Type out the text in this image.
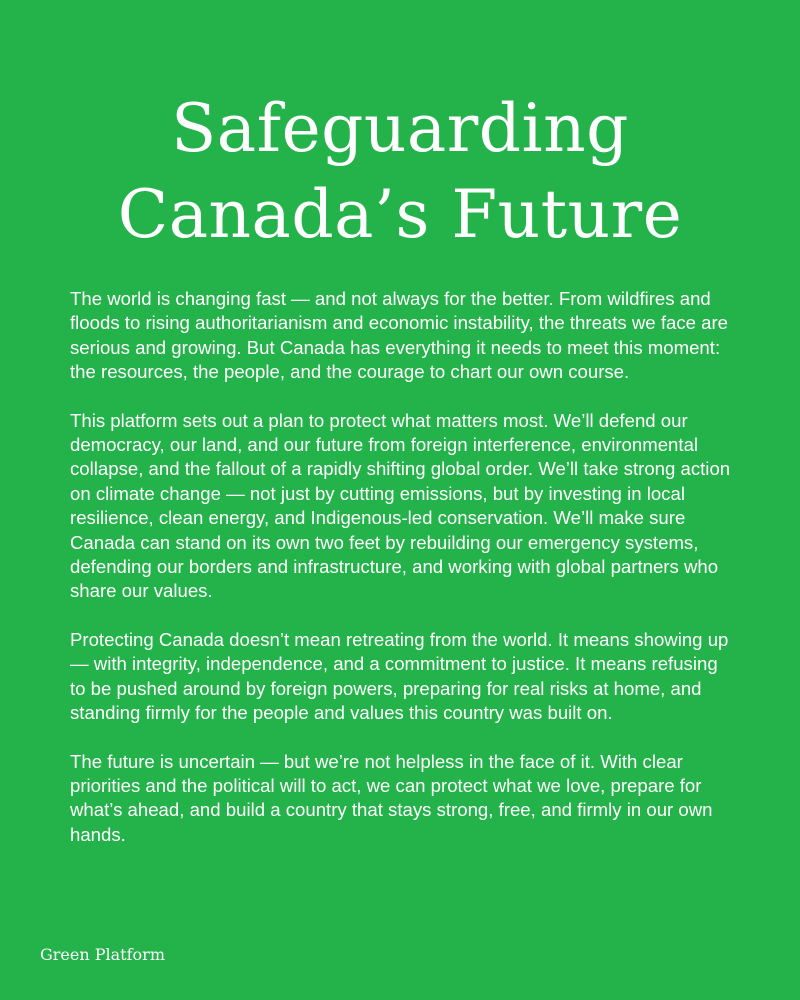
Safeguarding
Canada’s Future

The world is changing fast — and not always for the better. From wildfires and floods to rising authoritarianism and economic instability, the threats we face are serious and growing. But Canada has everything it needs to meet this moment: the resources, the people, and the courage to chart our own course.

This platform sets out a plan to protect what matters most. We’ll defend our democracy, our land, and our future from foreign interference, environmental collapse, and the fallout of a rapidly shifting global order. We’ll take strong action on climate change — not just by cutting emissions, but by investing in local resilience, clean energy, and Indigenous-led conservation. We’ll make sure Canada can stand on its own two feet by rebuilding our emergency systems, defending our borders and infrastructure, and working with global partners who share our values.

Protecting Canada doesn’t mean retreating from the world. It means showing up — with integrity, independence, and a commitment to justice. It means refusing to be pushed around by foreign powers, preparing for real risks at home, and standing firmly for the people and values this country was built on.

The future is uncertain — but we’re not helpless in the face of it. With clear priorities and the political will to act, we can protect what we love, prepare for what’s ahead, and build a country that stays strong, free, and firmly in our own hands.

Green Platform
